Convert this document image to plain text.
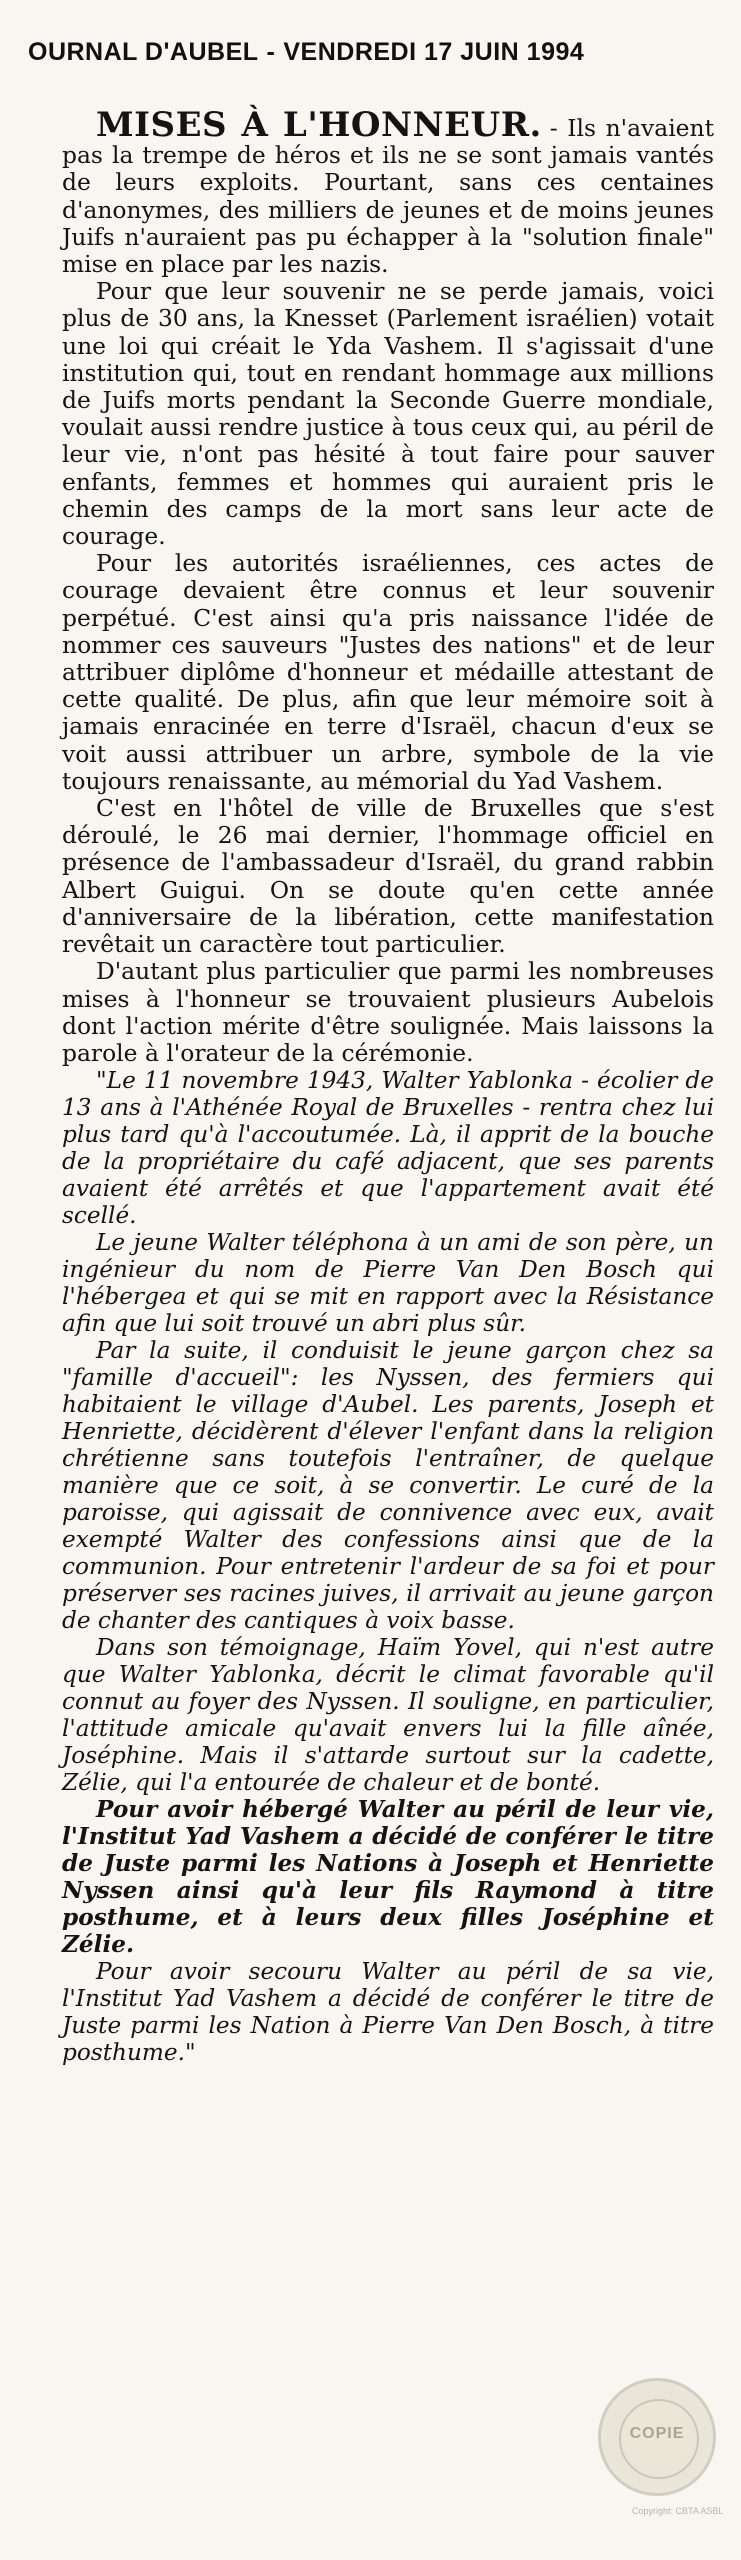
OURNAL D'AUBEL - VENDREDI 17 JUIN 1994

MISES À L'HONNEUR. - Ils n'avaient pas la trempe de héros et ils ne se sont jamais vantés de leurs exploits. Pourtant, sans ces centaines d'anonymes, des milliers de jeunes et de moins jeunes Juifs n'auraient pas pu échapper à la "solution finale" mise en place par les nazis.

Pour que leur souvenir ne se perde jamais, voici plus de 30 ans, la Knesset (Parlement israélien) votait une loi qui créait le Yda Vashem. Il s'agissait d'une institution qui, tout en rendant hommage aux millions de Juifs morts pendant la Seconde Guerre mondiale, voulait aussi rendre justice à tous ceux qui, au péril de leur vie, n'ont pas hésité à tout faire pour sauver enfants, femmes et hommes qui auraient pris le chemin des camps de la mort sans leur acte de courage.

Pour les autorités israéliennes, ces actes de courage devaient être connus et leur souvenir perpétué. C'est ainsi qu'a pris naissance l'idée de nommer ces sauveurs "Justes des nations" et de leur attribuer diplôme d'honneur et médaille attestant de cette qualité. De plus, afin que leur mémoire soit à jamais enracinée en terre d'Israël, chacun d'eux se voit aussi attribuer un arbre, symbole de la vie toujours renaissante, au mémorial du Yad Vashem.

C'est en l'hôtel de ville de Bruxelles que s'est déroulé, le 26 mai dernier, l'hommage officiel en présence de l'ambassadeur d'Israël, du grand rabbin Albert Guigui. On se doute qu'en cette année d'anniversaire de la libération, cette manifestation revêtait un caractère tout particulier.

D'autant plus particulier que parmi les nombreuses mises à l'honneur se trouvaient plusieurs Aubelois dont l'action mérite d'être soulignée. Mais laissons la parole à l'orateur de la cérémonie.

"Le 11 novembre 1943, Walter Yablonka - écolier de 13 ans à l'Athénée Royal de Bruxelles - rentra chez lui plus tard qu'à l'accoutumée. Là, il apprit de la bouche de la propriétaire du café adjacent, que ses parents avaient été arrêtés et que l'appartement avait été scellé.

Le jeune Walter téléphona à un ami de son père, un ingénieur du nom de Pierre Van Den Bosch qui l'hébergea et qui se mit en rapport avec la Résistance afin que lui soit trouvé un abri plus sûr.

Par la suite, il conduisit le jeune garçon chez sa "famille d'accueil": les Nyssen, des fermiers qui habitaient le village d'Aubel. Les parents, Joseph et Henriette, décidèrent d'élever l'enfant dans la religion chrétienne sans toutefois l'entraîner, de quelque manière que ce soit, à se convertir. Le curé de la paroisse, qui agissait de connivence avec eux, avait exempté Walter des confessions ainsi que de la communion. Pour entretenir l'ardeur de sa foi et pour préserver ses racines juives, il arrivait au jeune garçon de chanter des cantiques à voix basse.

Dans son témoignage, Haïm Yovel, qui n'est autre que Walter Yablonka, décrit le climat favorable qu'il connut au foyer des Nyssen. Il souligne, en particulier, l'attitude amicale qu'avait envers lui la fille aînée, Joséphine. Mais il s'attarde surtout sur la cadette, Zélie, qui l'a entourée de chaleur et de bonté.

Pour avoir hébergé Walter au péril de leur vie, l'Institut Yad Vashem a décidé de conférer le titre de Juste parmi les Nations à Joseph et Henriette Nyssen ainsi qu'à leur fils Raymond à titre posthume, et à leurs deux filles Joséphine et Zélie.

Pour avoir secouru Walter au péril de sa vie, l'Institut Yad Vashem a décidé de conférer le titre de Juste parmi les Nation à Pierre Van Den Bosch, à titre posthume."

COPIE
Copyright: CBTA ASBL
